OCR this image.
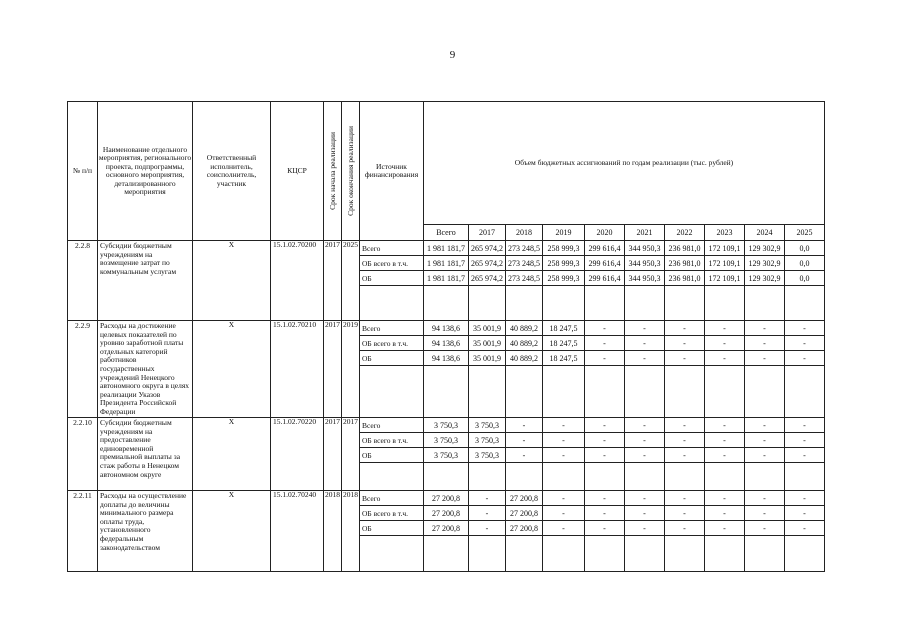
9
№ п/п	Наименование отдельного мероприятия, регионального проекта, подпрограммы, основного мероприятия, детализированного мероприятия	Ответственный исполнитель, соисполнитель, участник	КЦСР	Срок начала реализации	Срок окончания реализации	Источник финансирования	Объем бюджетных ассигнований по годам реализации (тыс. рублей)									
							Всего	2017	2018	2019	2020	2021	2022	2023	2024	2025
2.2.8	Субсидии бюджетным учреждениям на возмещение затрат по коммунальным услугам	Х	15.1.02.70200	2017	2025	Всего	1 981 181,7	265 974,2	273 248,5	258 999,3	299 616,4	344 950,3	236 981,0	172 109,1	129 302,9	0,0
						ОБ всего в т.ч.	1 981 181,7	265 974,2	273 248,5	258 999,3	299 616,4	344 950,3	236 981,0	172 109,1	129 302,9	0,0
						ОБ	1 981 181,7	265 974,2	273 248,5	258 999,3	299 616,4	344 950,3	236 981,0	172 109,1	129 302,9	0,0

2.2.9	Расходы на достижение целевых показателей по уровню заработной платы отдельных категорий работников государственных учреждений Ненецкого автономного округа в целях реализации Указов Президента Российской Федерации	Х	15.1.02.70210	2017	2019	Всего	94 138,6	35 001,9	40 889,2	18 247,5	-	-	-	-	-	-
						ОБ всего в т.ч.	94 138,6	35 001,9	40 889,2	18 247,5	-	-	-	-	-	-
						ОБ	94 138,6	35 001,9	40 889,2	18 247,5	-	-	-	-	-	-

2.2.10	Субсидии бюджетным учреждениям на предоставление единовременной премиальной выплаты за стаж работы в Ненецком автономном округе	Х	15.1.02.70220	2017	2017	Всего	3 750,3	3 750,3	-	-	-	-	-	-	-	-
						ОБ всего в т.ч.	3 750,3	3 750,3	-	-	-	-	-	-	-	-
						ОБ	3 750,3	3 750,3	-	-	-	-	-	-	-	-

2.2.11	Расходы на осуществление доплаты до величины минимального размера оплаты труда, установленного федеральным законодательством	Х	15.1.02.70240	2018	2018	Всего	27 200,8	-	27 200,8	-	-	-	-	-	-	-
						ОБ всего в т.ч.	27 200,8	-	27 200,8	-	-	-	-	-	-	-
						ОБ	27 200,8	-	27 200,8	-	-	-	-	-	-	-
